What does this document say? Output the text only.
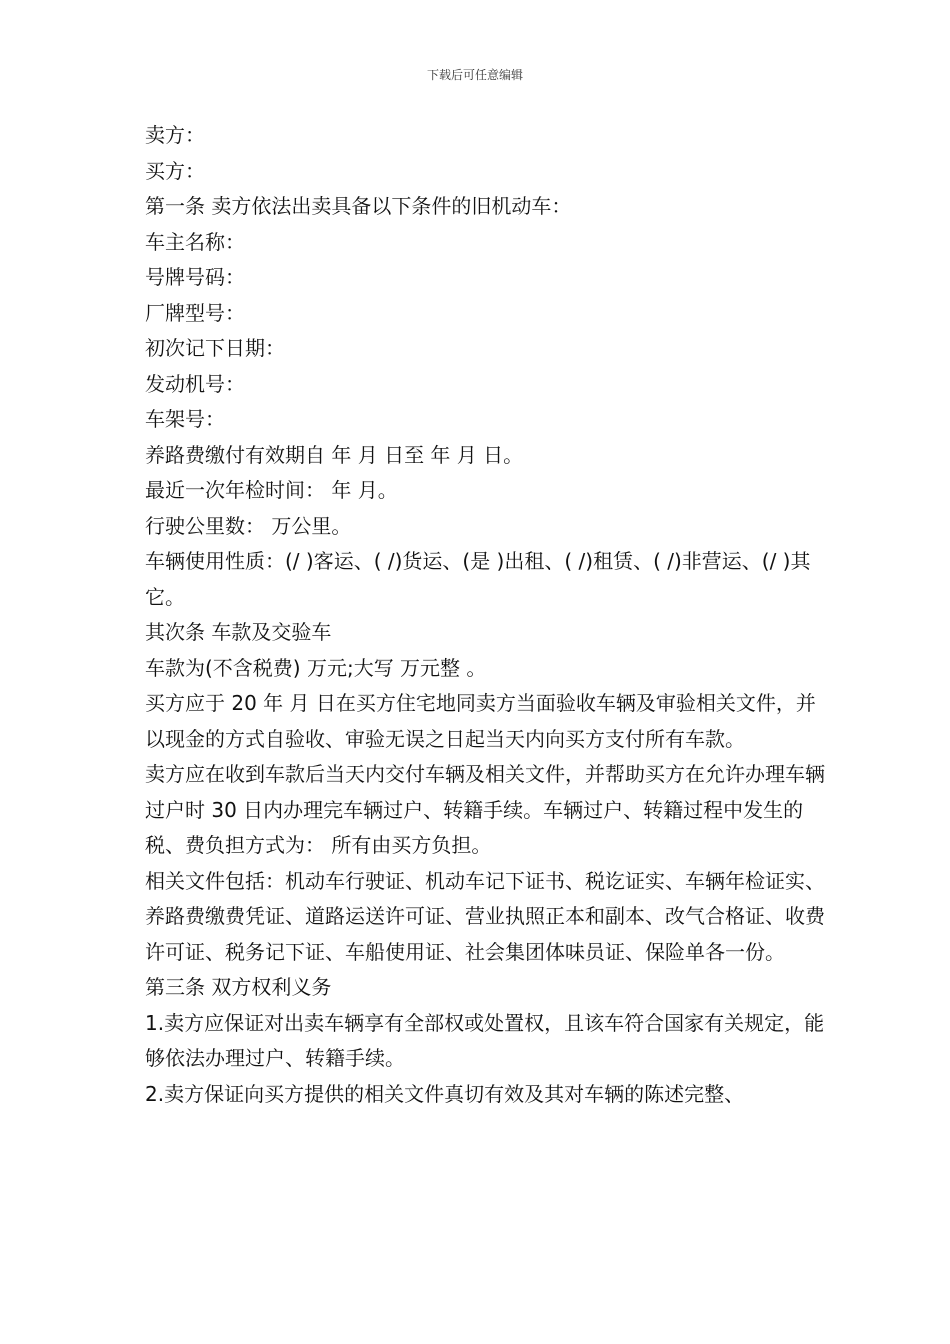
下载后可任意编辑

卖方：

买方：

第一条 卖方依法出卖具备以下条件的旧机动车：

车主名称：

号牌号码：

厂牌型号：

初次记下日期：

发动机号：

车架号：

养路费缴付有效期自 年 月 日至 年 月 日。

最近一次年检时间： 年 月。

行驶公里数： 万公里。

车辆使用性质：(/ )客运、( /)货运、(是 )出租、( /)租赁、( /)非营运、(/ )其它。

其次条 车款及交验车

车款为(不含税费) 万元;大写 万元整 。

买方应于 20 年 月 日在买方住宅地同卖方当面验收车辆及审验相关文件，并以现金的方式自验收、审验无误之日起当天内向买方支付所有车款。

卖方应在收到车款后当天内交付车辆及相关文件，并帮助买方在允许办理车辆过户时 30 日内办理完车辆过户、转籍手续。车辆过户、转籍过程中发生的税、费负担方式为： 所有由买方负担。

相关文件包括：机动车行驶证、机动车记下证书、税讫证实、车辆年检证实、养路费缴费凭证、道路运送许可证、营业执照正本和副本、改气合格证、收费许可证、税务记下证、车船使用证、社会集团体味员证、保险单各一份。

第三条 双方权利义务

1.卖方应保证对出卖车辆享有全部权或处置权，且该车符合国家有关规定，能够依法办理过户、转籍手续。

2.卖方保证向买方提供的相关文件真切有效及其对车辆的陈述完整、
